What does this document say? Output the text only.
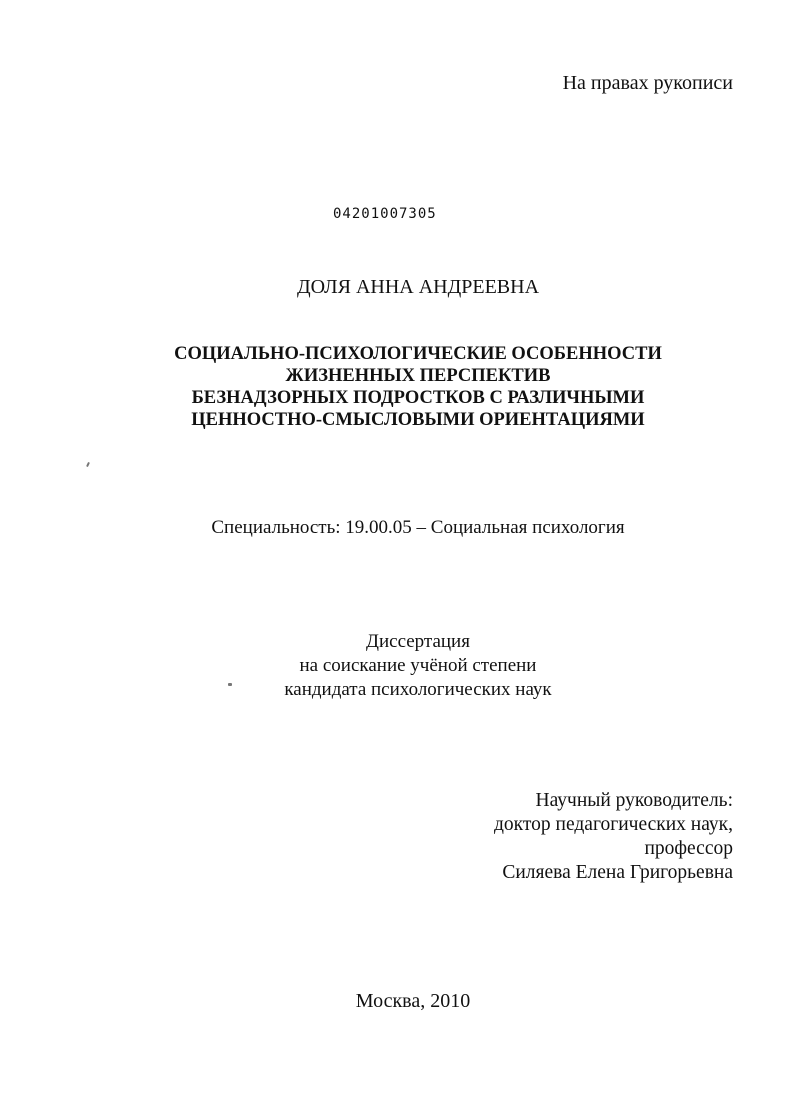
На правах рукописи
04201007305
ДОЛЯ АННА АНДРЕЕВНА
СОЦИАЛЬНО-ПСИХОЛОГИЧЕСКИЕ ОСОБЕННОСТИ
ЖИЗНЕННЫХ ПЕРСПЕКТИВ
БЕЗНАДЗОРНЫХ ПОДРОСТКОВ С РАЗЛИЧНЫМИ
ЦЕННОСТНО-СМЫСЛОВЫМИ ОРИЕНТАЦИЯМИ
Специальность: 19.00.05 – Социальная психология
Диссертация
на соискание учёной степени
кандидата психологических наук
Научный руководитель:
доктор педагогических наук,
профессор
Силяева Елена Григорьевна
Москва, 2010
